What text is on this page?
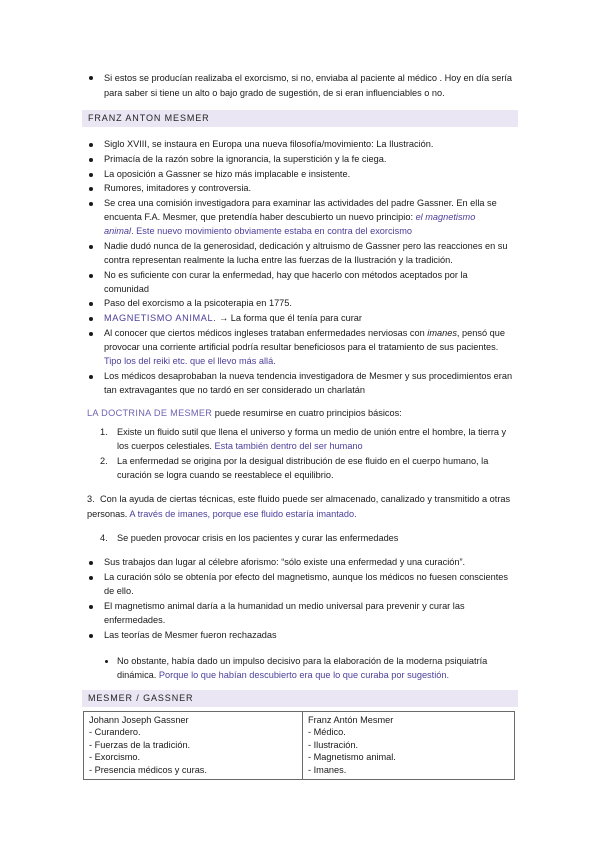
Si estos se producían realizaba el exorcismo, si no, enviaba al paciente al médico . Hoy en día sería
para saber si tiene un alto o bajo grado de sugestión, de si eran influenciables o no.
FRANZ ANTON MESMER
Siglo XVIII, se instaura en Europa una nueva filosofía/movimiento: La Ilustración.
Primacía de la razón sobre la ignorancia, la superstición y la fe ciega.
La oposición a Gassner se hizo más implacable e insistente.
Rumores, imitadores y controversia.
Se crea una comisión investigadora para examinar las actividades del padre Gassner. En ella se
encuenta F.A. Mesmer, que pretendía haber descubierto un nuevo principio: el magnetismo
animal. Este nuevo movimiento obviamente estaba en contra del exorcismo
Nadie dudó nunca de la generosidad, dedicación y altruismo de Gassner pero las reacciones en su
contra representan realmente la lucha entre las fuerzas de la Ilustración y la tradición.
No es suficiente con curar la enfermedad, hay que hacerlo con métodos aceptados por la
comunidad
Paso del exorcismo a la psicoterapia en 1775.
MAGNETISMO ANIMAL. → La forma que él tenía para curar
Al conocer que ciertos médicos ingleses trataban enfermedades nerviosas con imanes, pensó que
provocar una corriente artificial podría resultar beneficiosos para el tratamiento de sus pacientes.
Tipo los del reiki etc. que el llevo más allá.
Los médicos desaprobaban la nueva tendencia investigadora de Mesmer y sus procedimientos eran
tan extravagantes que no tardó en ser considerado un charlatán
LA DOCTRINA DE MESMER puede resumirse en cuatro principios básicos:
1. Existe un fluido sutil que llena el universo y forma un medio de unión entre el hombre, la tierra y
los cuerpos celestiales. Esta también dentro del ser humano
2. La enfermedad se origina por la desigual distribución de ese fluido en el cuerpo humano, la
curación se logra cuando se reestablece el equilibrio.
3. Con la ayuda de ciertas técnicas, este fluido puede ser almacenado, canalizado y transmitido a otras
personas. A través de imanes, porque ese fluido estaría imantado.
4. Se pueden provocar crisis en los pacientes y curar las enfermedades
Sus trabajos dan lugar al célebre aforismo: “sólo existe una enfermedad y una curación”.
La curación sólo se obtenía por efecto del magnetismo, aunque los médicos no fuesen conscientes
de ello.
El magnetismo animal daría a la humanidad un medio universal para prevenir y curar las
enfermedades.
Las teorías de Mesmer fueron rechazadas
No obstante, había dado un impulso decisivo para la elaboración de la moderna psiquiatría
dinámica. Porque lo que habían descubierto era que lo que curaba por sugestión.
MESMER / GASSNER
Johann Joseph Gassner
- Curandero.
- Fuerzas de la tradición.
- Exorcismo.
- Presencia médicos y curas.

Franz Antón Mesmer
- Médico.
- Ilustración.
- Magnetismo animal.
- Imanes.
